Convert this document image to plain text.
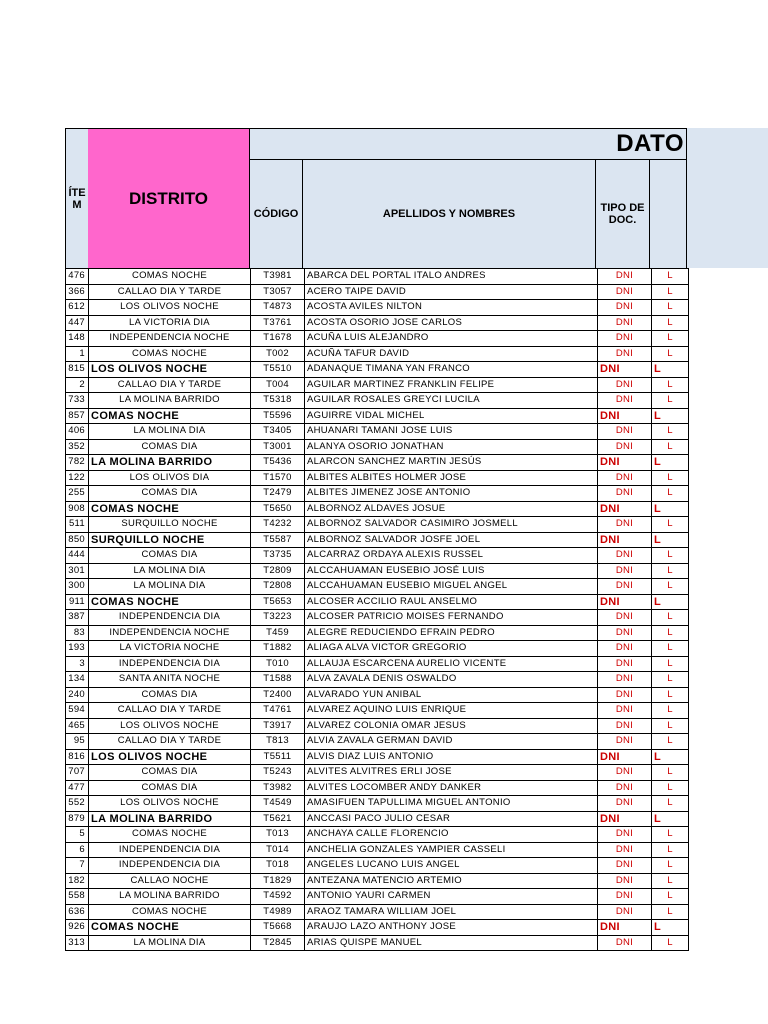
ÍTE M	DISTRITO
DATO
CÓDIGO	APELLIDOS Y NOMBRES	TIPO DE DOC.
476	COMAS NOCHE	T3981	ABARCA DEL PORTAL ITALO ANDRES	DNI	L
366	CALLAO DIA Y TARDE	T3057	ACERO TAIPE DAVID	DNI	L
612	LOS OLIVOS NOCHE	T4873	ACOSTA AVILES NILTON	DNI	L
447	LA VICTORIA DIA	T3761	ACOSTA OSORIO JOSE CARLOS	DNI	L
148	INDEPENDENCIA NOCHE	T1678	ACUÑA LUIS ALEJANDRO	DNI	L
1	COMAS NOCHE	T002	ACUÑA TAFUR DAVID	DNI	L
815	LOS OLIVOS NOCHE	T5510	ADANAQUE TIMANA YAN FRANCO	DNI	L
2	CALLAO DIA Y TARDE	T004	AGUILAR MARTINEZ FRANKLIN FELIPE	DNI	L
733	LA MOLINA BARRIDO	T5318	AGUILAR ROSALES GREYCI LUCILA	DNI	L
857	COMAS NOCHE	T5596	AGUIRRE VIDAL MICHEL	DNI	L
406	LA MOLINA DIA	T3405	AHUANARI TAMANI JOSE LUIS	DNI	L
352	COMAS DIA	T3001	ALANYA OSORIO JONATHAN	DNI	L
782	LA MOLINA BARRIDO	T5436	ALARCON SANCHEZ MARTIN JESÚS	DNI	L
122	LOS OLIVOS DIA	T1570	ALBITES ALBITES HOLMER JOSE	DNI	L
255	COMAS DIA	T2479	ALBITES JIMENEZ JOSE ANTONIO	DNI	L
908	COMAS NOCHE	T5650	ALBORNOZ ALDAVES JOSUE	DNI	L
511	SURQUILLO NOCHE	T4232	ALBORNOZ SALVADOR CASIMIRO JOSMELL	DNI	L
850	SURQUILLO NOCHE	T5587	ALBORNOZ SALVADOR JOSFE JOEL	DNI	L
444	COMAS DIA	T3735	ALCARRAZ ORDAYA ALEXIS RUSSEL	DNI	L
301	LA MOLINA DIA	T2809	ALCCAHUAMAN EUSEBIO JOSÉ LUIS	DNI	L
300	LA MOLINA DIA	T2808	ALCCAHUAMAN EUSEBIO MIGUEL ANGEL	DNI	L
911	COMAS NOCHE	T5653	ALCOSER ACCILIO RAUL ANSELMO	DNI	L
387	INDEPENDENCIA DIA	T3223	ALCOSER PATRICIO MOISES FERNANDO	DNI	L
83	INDEPENDENCIA NOCHE	T459	ALEGRE REDUCIENDO EFRAIN PEDRO	DNI	L
193	LA VICTORIA NOCHE	T1882	ALIAGA ALVA VICTOR GREGORIO	DNI	L
3	INDEPENDENCIA DIA	T010	ALLAUJA ESCARCENA AURELIO VICENTE	DNI	L
134	SANTA ANITA NOCHE	T1588	ALVA ZAVALA DENIS OSWALDO	DNI	L
240	COMAS DIA	T2400	ALVARADO YUN ANIBAL	DNI	L
594	CALLAO DIA Y TARDE	T4761	ALVAREZ AQUINO LUIS ENRIQUE	DNI	L
465	LOS OLIVOS NOCHE	T3917	ALVAREZ COLONIA OMAR JESUS	DNI	L
95	CALLAO DIA Y TARDE	T813	ALVIA ZAVALA GERMAN DAVID	DNI	L
816	LOS OLIVOS NOCHE	T5511	ALVIS DIAZ LUIS ANTONIO	DNI	L
707	COMAS DIA	T5243	ALVITES ALVITRES ERLI JOSE	DNI	L
477	COMAS DIA	T3982	ALVITES LOCOMBER ANDY DANKER	DNI	L
552	LOS OLIVOS NOCHE	T4549	AMASIFUEN TAPULLIMA MIGUEL ANTONIO	DNI	L
879	LA MOLINA BARRIDO	T5621	ANCCASI PACO JULIO CESAR	DNI	L
5	COMAS NOCHE	T013	ANCHAYA CALLE FLORENCIO	DNI	L
6	INDEPENDENCIA DIA	T014	ANCHELIA GONZALES YAMPIER CASSELI	DNI	L
7	INDEPENDENCIA DIA	T018	ANGELES LUCANO LUIS ANGEL	DNI	L
182	CALLAO NOCHE	T1829	ANTEZANA MATENCIO ARTEMIO	DNI	L
558	LA MOLINA BARRIDO	T4592	ANTONIO YAURI CARMEN	DNI	L
636	COMAS NOCHE	T4989	ARAOZ TAMARA WILLIAM JOEL	DNI	L
926	COMAS NOCHE	T5668	ARAUJO LAZO ANTHONY JOSE	DNI	L
313	LA MOLINA DIA	T2845	ARIAS QUISPE MANUEL	DNI	L
